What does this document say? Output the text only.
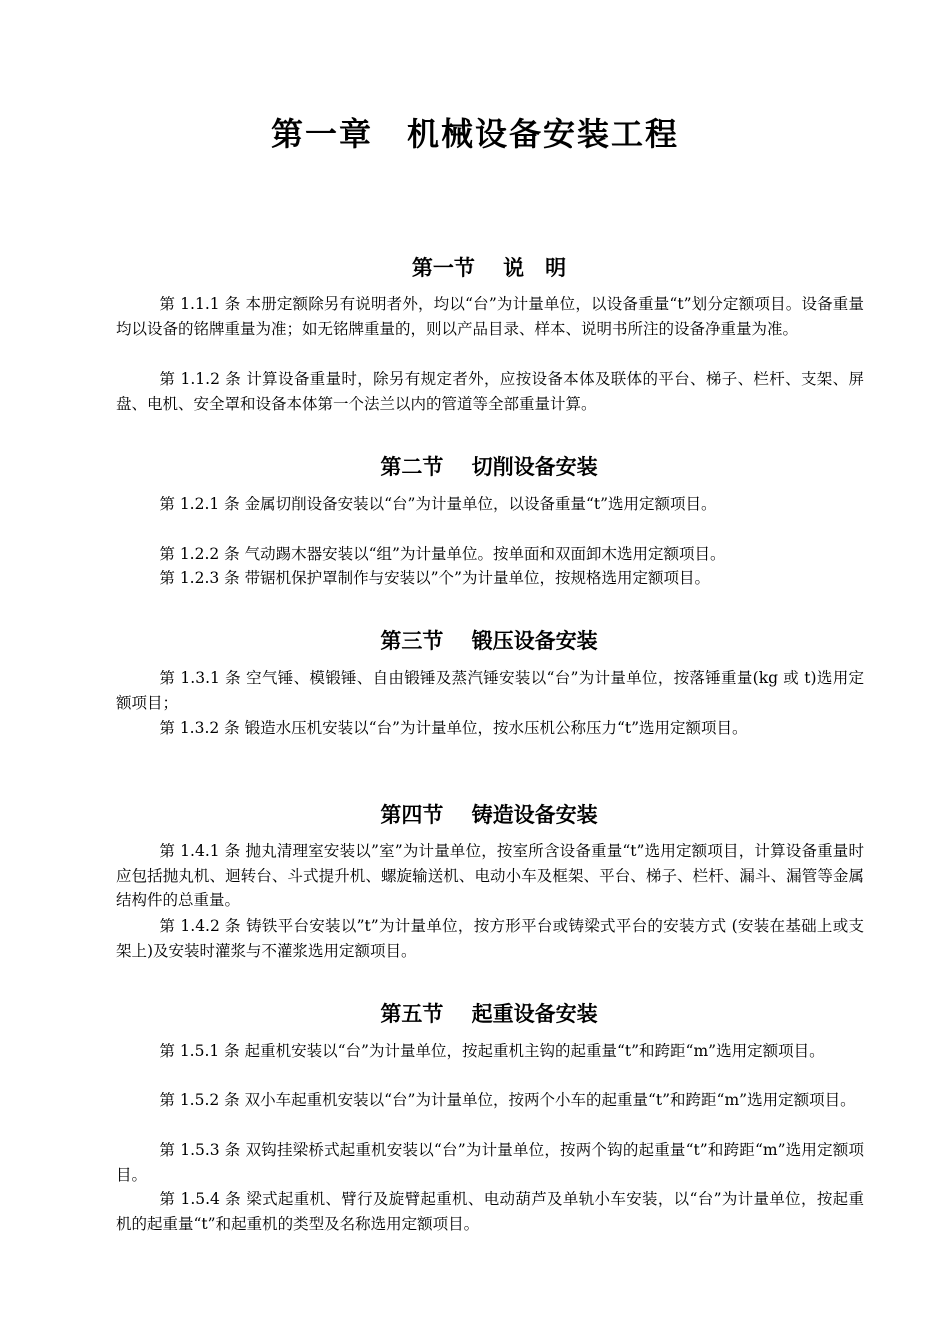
第一章　机械设备安装工程
第一节　 说　明
第 1.1.1 条 本册定额除另有说明者外，均以“台”为计量单位，以设备重量“t”划分定额项目。设备重量均以设备的铭牌重量为准；如无铭牌重量的，则以产品目录、样本、说明书所注的设备净重量为准。
第 1.1.2 条 计算设备重量时，除另有规定者外，应按设备本体及联体的平台、梯子、栏杆、支架、屏盘、电机、安全罩和设备本体第一个法兰以内的管道等全部重量计算。
第二节　 切削设备安装
第 1.2.1 条 金属切削设备安装以“台”为计量单位，以设备重量“t”选用定额项目。
第 1.2.2 条 气动踢木器安装以“组”为计量单位。按单面和双面卸木选用定额项目。
第 1.2.3 条 带锯机保护罩制作与安装以”个”为计量单位，按规格选用定额项目。
第三节　 锻压设备安装
第 1.3.1 条 空气锤、模锻锤、自由锻锤及蒸汽锤安装以“台”为计量单位，按落锤重量(kg 或 t)选用定额项目；
第 1.3.2 条 锻造水压机安装以“台”为计量单位，按水压机公称压力“t”选用定额项目。
第四节　 铸造设备安装
第 1.4.1 条 抛丸清理室安装以”室”为计量单位，按室所含设备重量“t”选用定额项目，计算设备重量时应包括抛丸机、迴转台、斗式提升机、螺旋输送机、电动小车及框架、平台、梯子、栏杆、漏斗、漏管等金属结构件的总重量。
第 1.4.2 条 铸铁平台安装以”t”为计量单位，按方形平台或铸梁式平台的安装方式 (安装在基础上或支架上)及安装时灌浆与不灌浆选用定额项目。
第五节　 起重设备安装
第 1.5.1 条 起重机安装以“台”为计量单位，按起重机主钩的起重量“t”和跨距“m”选用定额项目。
第 1.5.2 条 双小车起重机安装以“台”为计量单位，按两个小车的起重量“t”和跨距“m”选用定额项目。
第 1.5.3 条 双钩挂梁桥式起重机安装以“台”为计量单位，按两个钩的起重量“t”和跨距“m”选用定额项目。
第 1.5.4 条 梁式起重机、臂行及旋臂起重机、电动葫芦及单轨小车安装，以“台”为计量单位，按起重机的起重量“t”和起重机的类型及名称选用定额项目。
